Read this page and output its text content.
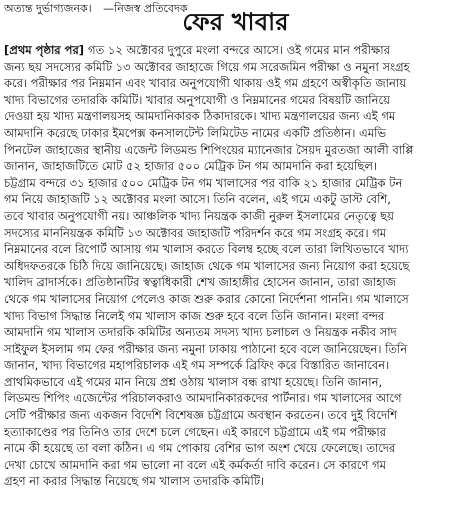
অত্যন্ত দুর্ভাগ্যজনক। —নিজস্ব প্রতিবেদক
ফের খাবার
[প্রথম পৃষ্ঠার পর] গত ১২ অক্টোবর দুপুরে মংলা বন্দরে আসে। ওই গমের মান পরীক্ষার
জন্য ছয় সদস্যের কমিটি ১৩ অক্টোবর জাহাজে গিয়ে গম সরেজমিন পরীক্ষা ও নমুনা সংগ্রহ
করে। পরীক্ষার পর নিম্নমান এবং খাবার অনুপযোগী থাকায় ওই গম গ্রহণে অস্বীকৃতি জানায়
খাদ্য বিভাগের তদারকি কমিটি। খাবার অনুপযোগী ও নিম্নমানের গমের বিষয়টি জানিয়ে
দেওয়া হয় খাদ্য মন্ত্রণালয়সহ আমদানিকারক ঠিকাদারকে। খাদ্য মন্ত্রণালয়ের জন্য এই গম
আমদানি করেছে ঢাকার ইমপেক্স কনসালটেন্ট লিমিটেড নামের একটি প্রতিষ্ঠান। এমভি
পিনটেল জাহাজের স্থানীয় এজেন্ট লিডমন্ড শিপিংয়ের ম্যানেজার সৈয়দ মুরতজা আলী বাপ্পি
জানান, জাহাজটিতে মোট ৫২ হাজার ৫০০ মেট্রিক টন গম আমদানি করা হয়েছিল।
চট্টগ্রাম বন্দরে ৩১ হাজার ৫০০ মেট্রিক টন গম খালাসের পর বাকি ২১ হাজার মেট্রিক টন
গম নিয়ে জাহাজটি ১২ অক্টোবর মংলা আসে। তিনি বলেন, এই গমে একটু ডাস্ট বেশি,
তবে খাবার অনুপযোগী নয়। আঞ্চলিক খাদ্য নিয়ন্ত্রক কাজী নুরুল ইসলামের নেতৃত্বে ছয়
সদস্যের মাননিয়ন্ত্রক কমিটি ১৩ অক্টোবর জাহাজটি পরিদর্শন করে গম সংগ্রহ করে। গম
নিম্নমানের বলে রিপোর্ট আসায় গম খালাস করতে বিলম্ব হচ্ছে বলে তারা লিখিতভাবে খাদ্য
অধিদফতরকে চিঠি দিয়ে জানিয়েছে। জাহাজ থেকে গম খালাসের জন্য নিয়োগ করা হয়েছে
খালিদ ব্রাদার্সকে। প্রতিষ্ঠানটির স্বত্বাধিকারী শেখ জাহাঙ্গীর হোসেন জানান, তারা জাহাজ
থেকে গম খালাসের নিয়োগ পেলেও কাজ শুরু করার কোনো নির্দেশনা পাননি। গম খালাসে
খাদ্য বিভাগ সিদ্ধান্ত নিলেই গম খালাস কাজ শুরু হবে বলে তিনি জানান। মংলা বন্দর
আমদানি গম খালাস তদারকি কমিটির অন্যতম সদস্য খাদ্য চলাচল ও নিয়ন্ত্রক নকীব সাদ
সাইফুল ইসলাম গম ফের পরীক্ষার জন্য নমুনা ঢাকায় পাঠানো হবে বলে জানিয়েছেন। তিনি
জানান, খাদ্য বিভাগের মহাপরিচালক এই গম সম্পর্কে ব্রিফিং করে বিস্তারিত জানাবেন।
প্রাথমিকভাবে এই গমের মান নিয়ে প্রশ্ন ওঠায় খালাস বন্ধ রাখা হয়েছে। তিনি জানান,
লিডমন্ড শিপিং এজেন্টের পরিচালকরাও আমদানিকারকদের পার্টনার। গম খালাসের আগে
সেটি পরীক্ষার জন্য একজন বিদেশি বিশেষজ্ঞ চট্টগ্রামে অবস্থান করতেন। তবে দুই বিদেশি
হত্যাকাণ্ডের পর তিনিও তার দেশে চলে গেছেন। এই কারণে চট্টগ্রামে এই গম পরীক্ষার
নামে কী হয়েছে তা বলা কঠিন। এ গম পোকায় বেশির ভাগ অংশ খেয়ে ফেলেছে। তাদের
দেখা চোখে আমদানি করা গম ভালো না বলে এই কর্মকর্তা দাবি করেন। সে কারণে গম
গ্রহণ না করার সিদ্ধান্ত নিয়েছে গম খালাস তদারকি কমিটি।
